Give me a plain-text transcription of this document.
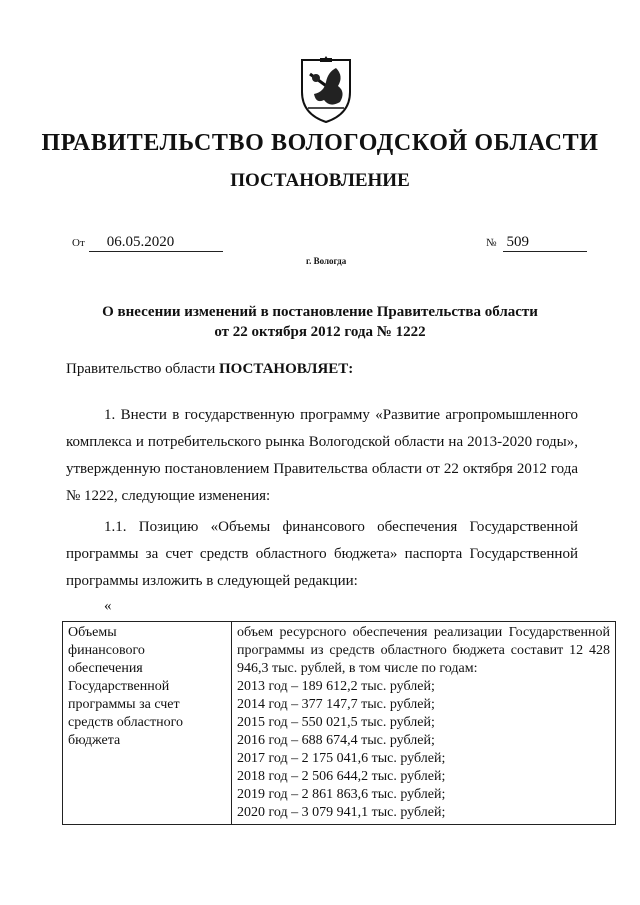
ПРАВИТЕЛЬСТВО ВОЛОГОДСКОЙ ОБЛАСТИ
ПОСТАНОВЛЕНИЕ
От 06.05.2020	№ 509
г. Вологда
О внесении изменений в постановление Правительства области
от 22 октября 2012 года № 1222
Правительство области ПОСТАНОВЛЯЕТ:
1. Внести в государственную программу «Развитие агропромышленного комплекса и потребительского рынка Вологодской области на 2013-2020 годы», утвержденную постановлением Правительства области от 22 октября 2012 года № 1222, следующие изменения:
1.1. Позицию «Объемы финансового обеспечения Государственной программы за счет средств областного бюджета» паспорта Государственной программы изложить в следующей редакции:
«
Объемы
финансового
обеспечения
Государственной
программы за счет
средств областного
бюджета

объем ресурсного обеспечения реализации Государственной программы из средств областного бюджета составит 12 428 946,3 тыс. рублей, в том числе по годам:
2013 год – 189 612,2 тыс. рублей;
2014 год – 377 147,7 тыс. рублей;
2015 год – 550 021,5 тыс. рублей;
2016 год – 688 674,4 тыс. рублей;
2017 год – 2 175 041,6 тыс. рублей;
2018 год – 2 506 644,2 тыс. рублей;
2019 год – 2 861 863,6 тыс. рублей;
2020 год – 3 079 941,1 тыс. рублей;
